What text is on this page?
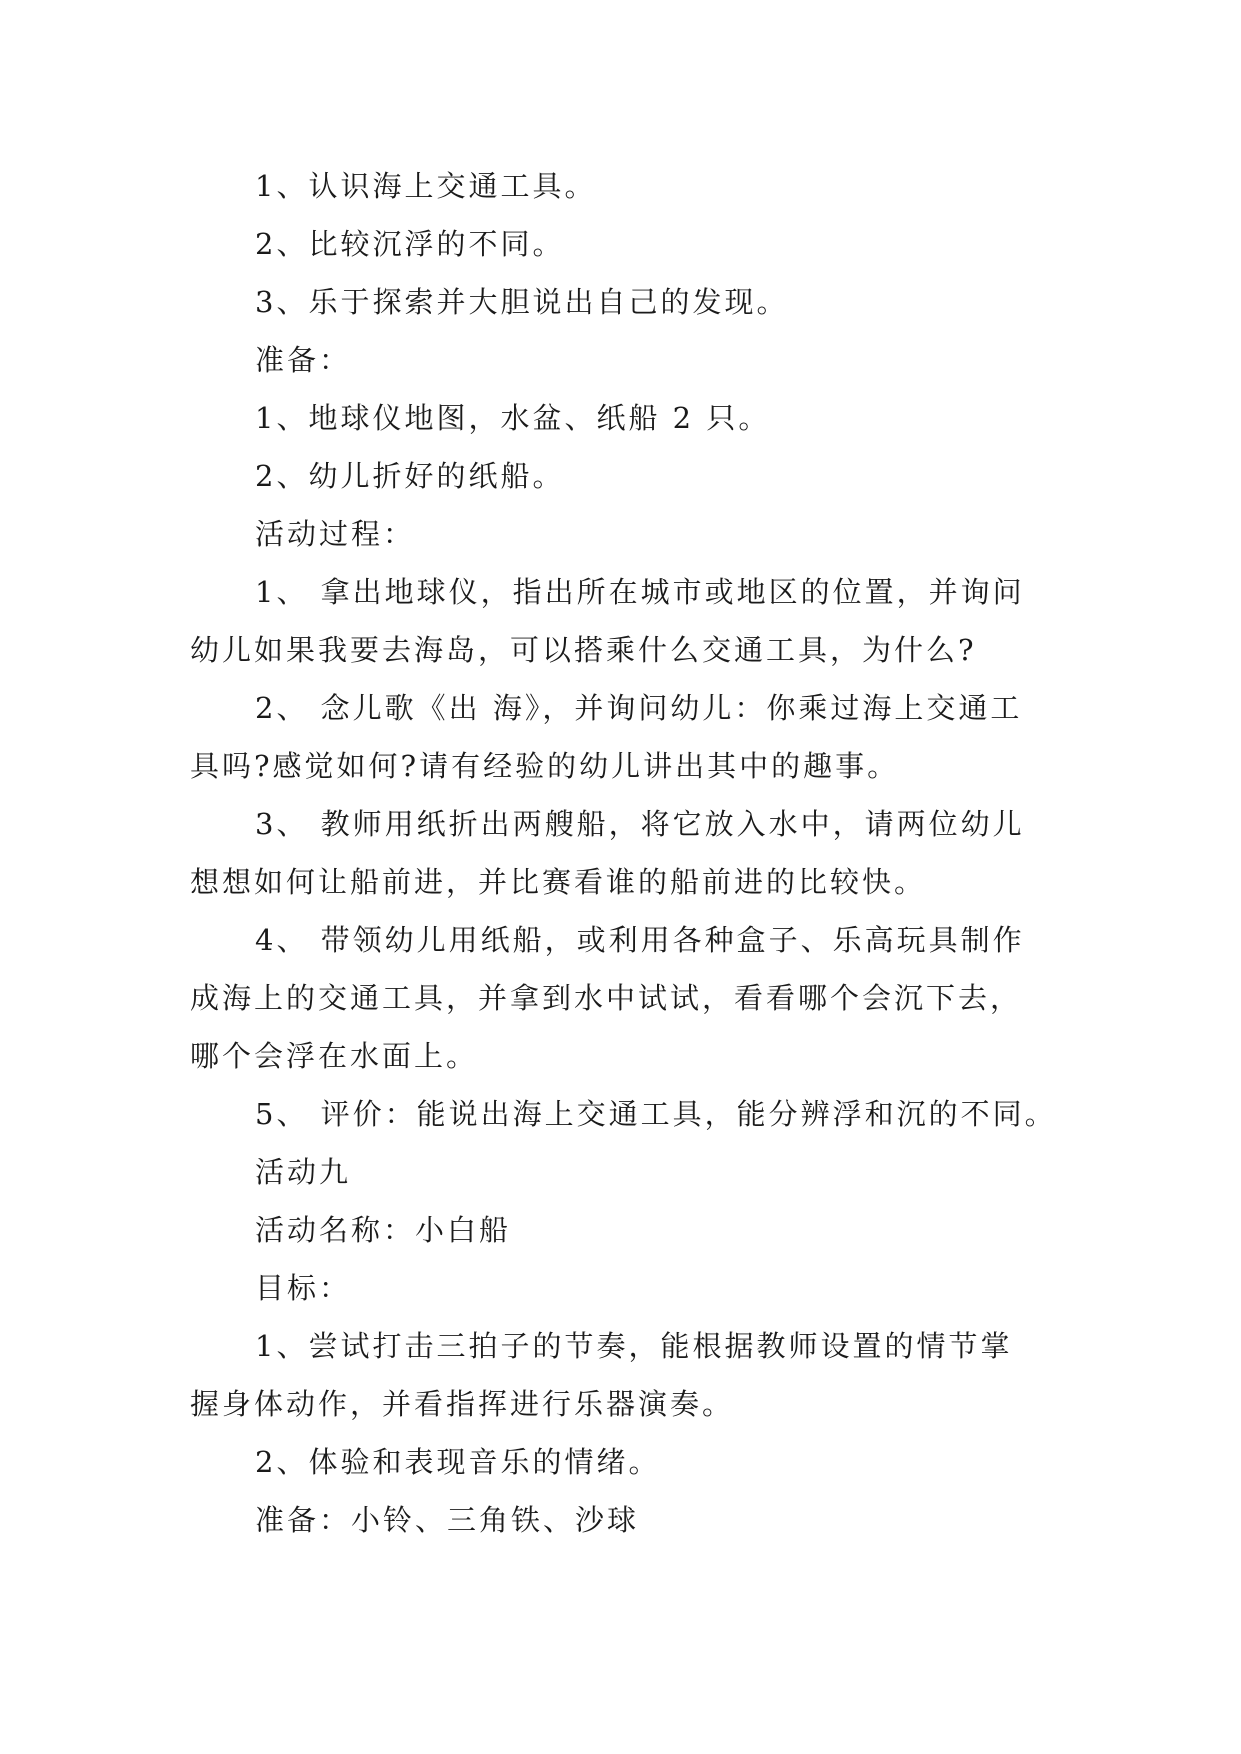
1、认识海上交通工具。
2、比较沉浮的不同。
3、乐于探索并大胆说出自己的发现。
准备：
1、地球仪地图，水盆、纸船 2 只。
2、幼儿折好的纸船。
活动过程：
1、 拿出地球仪，指出所在城市或地区的位置，并询问
幼儿如果我要去海岛，可以搭乘什么交通工具，为什么?
2、 念儿歌《出 海》，并询问幼儿：你乘过海上交通工
具吗?感觉如何?请有经验的幼儿讲出其中的趣事。
3、 教师用纸折出两艘船，将它放入水中，请两位幼儿
想想如何让船前进，并比赛看谁的船前进的比较快。
4、 带领幼儿用纸船，或利用各种盒子、乐高玩具制作
成海上的交通工具，并拿到水中试试，看看哪个会沉下去，
哪个会浮在水面上。
5、 评价：能说出海上交通工具，能分辨浮和沉的不同。
活动九
活动名称：小白船
目标：
1、尝试打击三拍子的节奏，能根据教师设置的情节掌
握身体动作，并看指挥进行乐器演奏。
2、体验和表现音乐的情绪。
准备：小铃、三角铁、沙球
